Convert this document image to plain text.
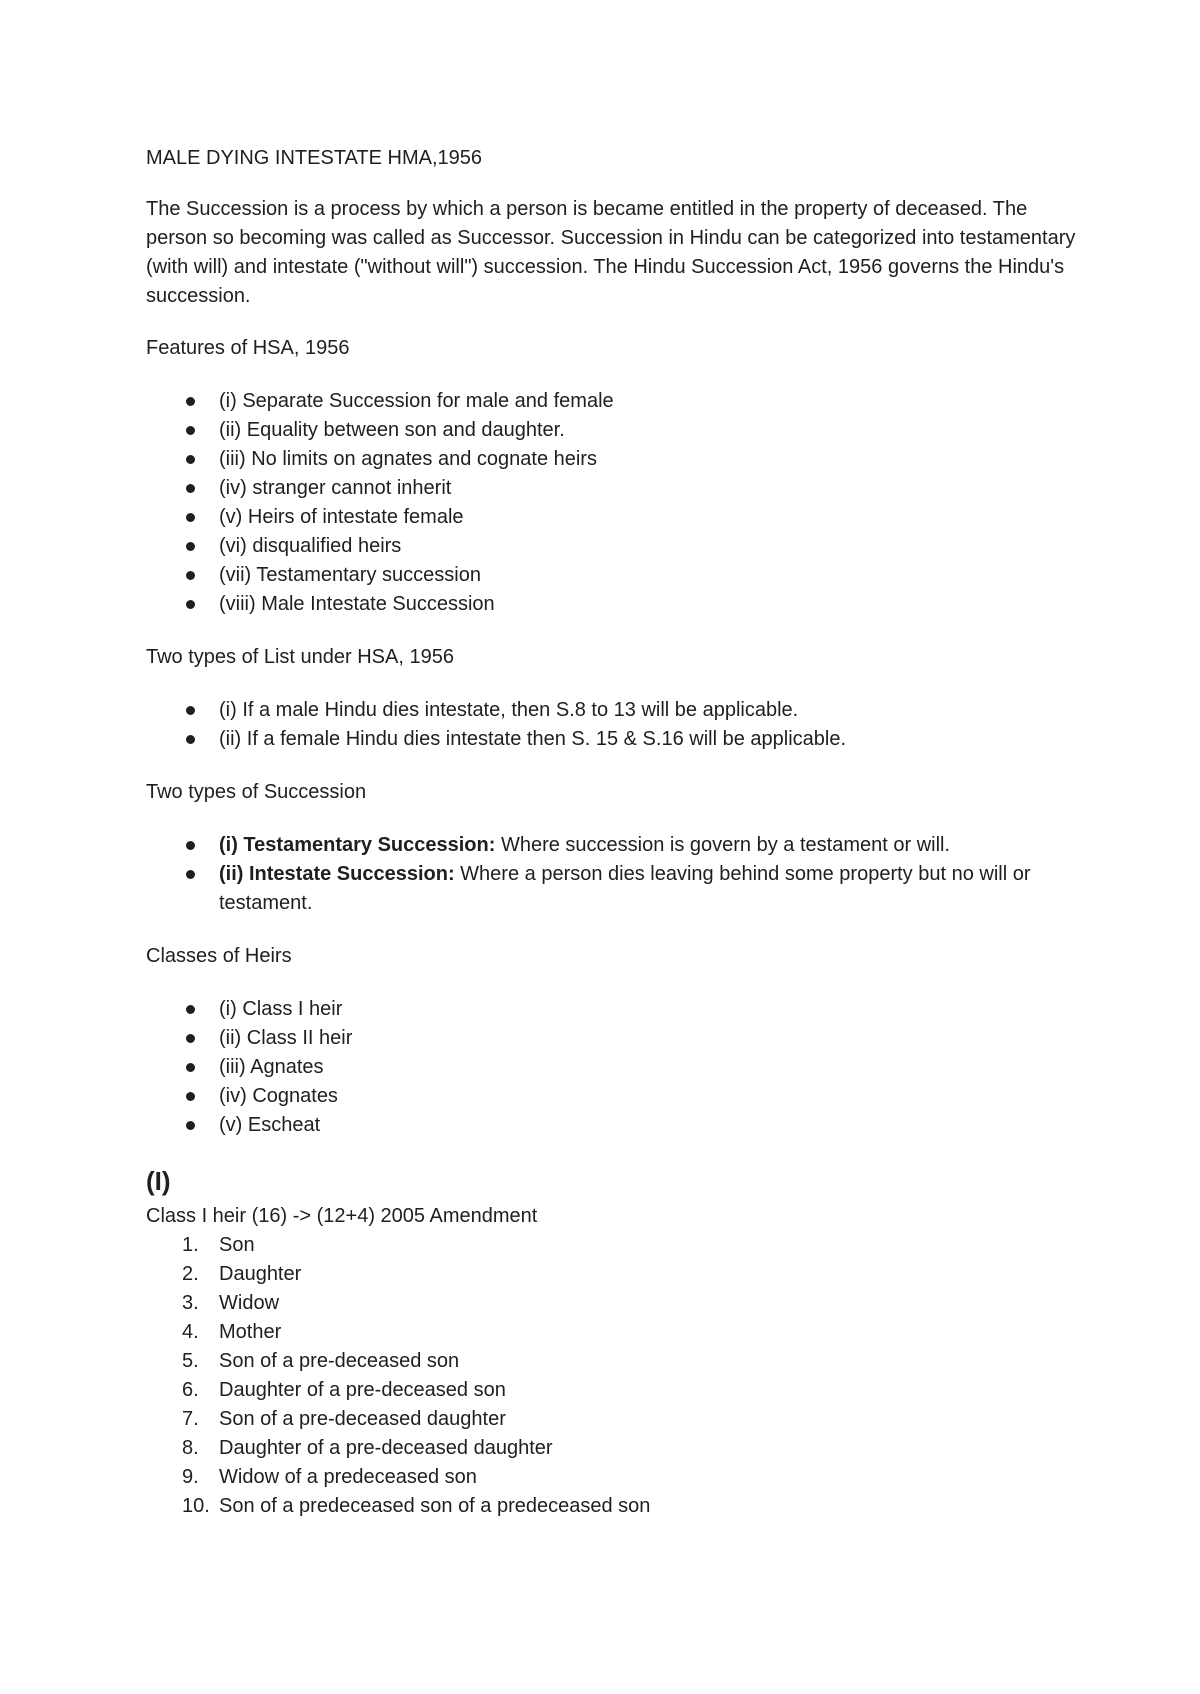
MALE DYING INTESTATE HMA,1956

The Succession is a process by which a person is became entitled in the property of deceased. The person so becoming was called as Successor. Succession in Hindu can be categorized into testamentary (with will) and intestate ("without will") succession. The Hindu Succession Act, 1956 governs the Hindu's succession.

Features of HSA, 1956

(i) Separate Succession for male and female
(ii) Equality between son and daughter.
(iii) No limits on agnates and cognate heirs
(iv) stranger cannot inherit
(v) Heirs of intestate female
(vi) disqualified heirs
(vii) Testamentary succession
(viii) Male Intestate Succession

Two types of List under HSA, 1956

(i) If a male Hindu dies intestate, then S.8 to 13 will be applicable.
(ii) If a female Hindu dies intestate then S. 15 & S.16 will be applicable.

Two types of Succession

(i) Testamentary Succession: Where succession is govern by a testament or will.
(ii) Intestate Succession: Where a person dies leaving behind some property but no will or testament.

Classes of Heirs

(i) Class I heir
(ii) Class II heir
(iii) Agnates
(iv) Cognates
(v) Escheat

(I)

Class I heir (16) -> (12+4) 2005 Amendment

1.	Son
2.	Daughter
3.	Widow
4.	Mother
5.	Son of a pre-deceased son
6.	Daughter of a pre-deceased son
7.	Son of a pre-deceased daughter
8.	Daughter of a pre-deceased daughter
9.	Widow of a predeceased son
10. Son of a predeceased son of a predeceased son
